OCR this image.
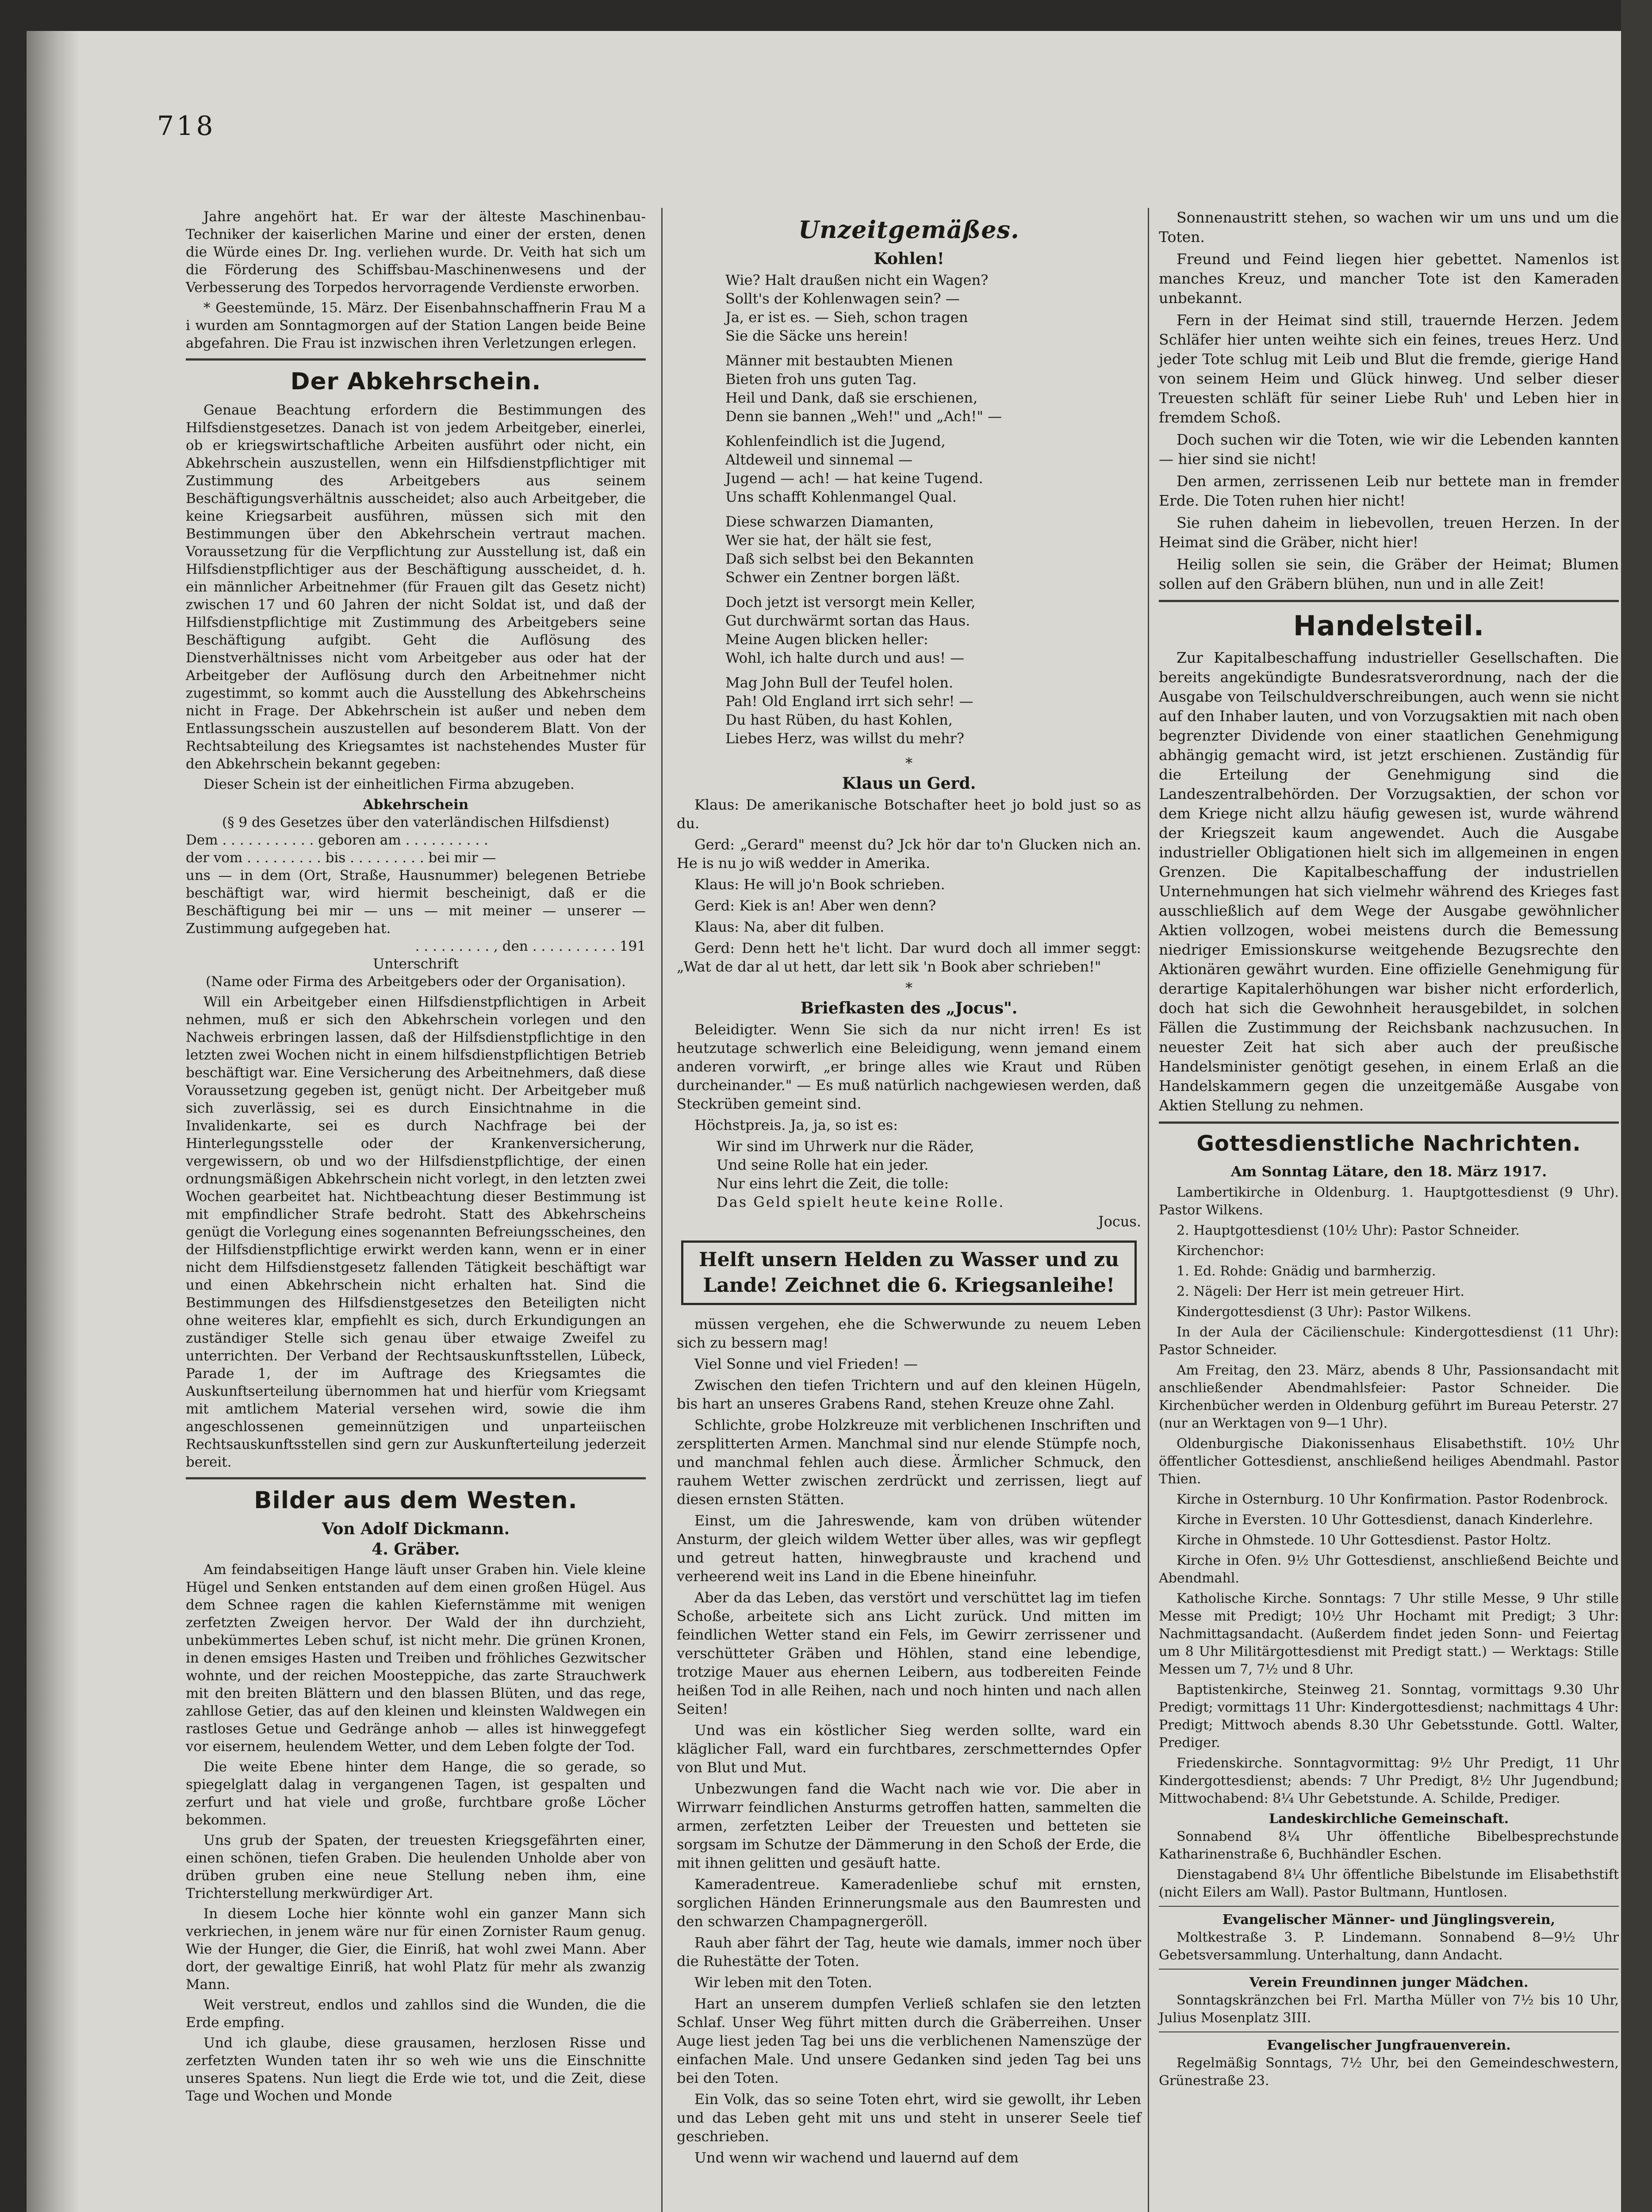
718

Jahre angehört hat. Er war der älteste Maschinenbau-Techniker der kaiserlichen Marine und einer der ersten, denen die Würde eines Dr. Ing. verliehen wurde. Dr. Veith hat sich um die Förderung des Schiffsbau-Maschinenwesens und der Verbesserung des Torpedos hervorragende Verdienste erworben.

* Geestemünde, 15. März. Der Eisenbahnschaffnerin Frau M a i wurden am Sonntagmorgen auf der Station Langen beide Beine abgefahren. Die Frau ist inzwischen ihren Verletzungen erlegen.

Der Abkehrschein.

Genaue Beachtung erfordern die Bestimmungen des Hilfsdienstgesetzes. Danach ist von jedem Arbeitgeber, einerlei, ob er kriegswirtschaftliche Arbeiten ausführt oder nicht, ein Abkehrschein auszustellen, wenn ein Hilfsdienstpflichtiger mit Zustimmung des Arbeitgebers aus seinem Beschäftigungsverhältnis ausscheidet; also auch Arbeitgeber, die keine Kriegsarbeit ausführen, müssen sich mit den Bestimmungen über den Abkehrschein vertraut machen. Voraussetzung für die Verpflichtung zur Ausstellung ist, daß ein Hilfsdienstpflichtiger aus der Beschäftigung ausscheidet, d. h. ein männlicher Arbeitnehmer (für Frauen gilt das Gesetz nicht) zwischen 17 und 60 Jahren der nicht Soldat ist, und daß der Hilfsdienstpflichtige mit Zustimmung des Arbeitgebers seine Beschäftigung aufgibt. Geht die Auflösung des Dienstverhältnisses nicht vom Arbeitgeber aus oder hat der Arbeitgeber der Auflösung durch den Arbeitnehmer nicht zugestimmt, so kommt auch die Ausstellung des Abkehrscheins nicht in Frage. Der Abkehrschein ist außer und neben dem Entlassungsschein auszustellen auf besonderem Blatt. Von der Rechtsabteilung des Kriegsamtes ist nachstehendes Muster für den Abkehrschein bekannt gegeben:

Dieser Schein ist der einheitlichen Firma abzugeben.

Abkehrschein
(§ 9 des Gesetzes über den vaterländischen Hilfsdienst)
Dem . . . . . . . . . . . geboren am . . . . . . . . . .
der vom . . . . . . . . . bis . . . . . . . . . bei mir —
uns — in dem (Ort, Straße, Hausnummer) belegenen Betriebe beschäftigt war, wird hiermit bescheinigt, daß er die Beschäftigung bei mir — uns — mit meiner — unserer — Zustimmung aufgegeben hat.
. . . . . . . . . , den . . . . . . . . . . 191
Unterschrift
(Name oder Firma des Arbeitgebers oder der Organisation).

Will ein Arbeitgeber einen Hilfsdienstpflichtigen in Arbeit nehmen, muß er sich den Abkehrschein vorlegen und den Nachweis erbringen lassen, daß der Hilfsdienstpflichtige in den letzten zwei Wochen nicht in einem hilfsdienstpflichtigen Betrieb beschäftigt war. Eine Versicherung des Arbeitnehmers, daß diese Voraussetzung gegeben ist, genügt nicht. Der Arbeitgeber muß sich zuverlässig, sei es durch Einsichtnahme in die Invalidenkarte, sei es durch Nachfrage bei der Hinterlegungsstelle oder der Krankenversicherung, vergewissern, ob und wo der Hilfsdienstpflichtige, der einen ordnungsmäßigen Abkehrschein nicht vorlegt, in den letzten zwei Wochen gearbeitet hat. Nichtbeachtung dieser Bestimmung ist mit empfindlicher Strafe bedroht. Statt des Abkehrscheins genügt die Vorlegung eines sogenannten Befreiungsscheines, den der Hilfsdienstpflichtige erwirkt werden kann, wenn er in einer nicht dem Hilfsdienstgesetz fallenden Tätigkeit beschäftigt war und einen Abkehrschein nicht erhalten hat. Sind die Bestimmungen des Hilfsdienstgesetzes den Beteiligten nicht ohne weiteres klar, empfiehlt es sich, durch Erkundigungen an zuständiger Stelle sich genau über etwaige Zweifel zu unterrichten. Der Verband der Rechtsauskunftsstellen, Lübeck, Parade 1, der im Auftrage des Kriegsamtes die Auskunftserteilung übernommen hat und hierfür vom Kriegsamt mit amtlichem Material versehen wird, sowie die ihm angeschlossenen gemeinnützigen und unparteiischen Rechtsauskunftsstellen sind gern zur Auskunfterteilung jederzeit bereit.

Bilder aus dem Westen.
Von Adolf Dickmann.
4. Gräber.

Am feindabseitigen Hange läuft unser Graben hin. Viele kleine Hügel und Senken entstanden auf dem einen großen Hügel. Aus dem Schnee ragen die kahlen Kiefernstämme mit wenigen zerfetzten Zweigen hervor. Der Wald der ihn durchzieht, unbekümmertes Leben schuf, ist nicht mehr. Die grünen Kronen, in denen emsiges Hasten und Treiben und fröhliches Gezwitscher wohnte, und der reichen Moosteppiche, das zarte Strauchwerk mit den breiten Blättern und den blassen Blüten, und das rege, zahllose Getier, das auf den kleinen und kleinsten Waldwegen ein rastloses Getue und Gedränge anhob — alles ist hinweggefegt vor eisernem, heulendem Wetter, und dem Leben folgte der Tod.

Die weite Ebene hinter dem Hange, die so gerade, so spiegelglatt dalag in vergangenen Tagen, ist gespalten und zerfurt und hat viele und große, furchtbare große Löcher bekommen.

Uns grub der Spaten, der treuesten Kriegsgefährten einer, einen schönen, tiefen Graben. Die heulenden Unholde aber von drüben gruben eine neue Stellung neben ihm, eine Trichterstellung merkwürdiger Art.

In diesem Loche hier könnte wohl ein ganzer Mann sich verkriechen, in jenem wäre nur für einen Zornister Raum genug. Wie der Hunger, die Gier, die Einriß, hat wohl zwei Mann. Aber dort, der gewaltige Einriß, hat wohl Platz für mehr als zwanzig Mann.

Weit verstreut, endlos und zahllos sind die Wunden, die die Erde empfing.

Und ich glaube, diese grausamen, herzlosen Risse und zerfetzten Wunden taten ihr so weh wie uns die Einschnitte unseres Spatens. Nun liegt die Erde wie tot, und die Zeit, diese Tage und Wochen und Monde

Unzeitgemäßes.
Kohlen!
Wie? Halt draußen nicht ein Wagen?
Sollt's der Kohlenwagen sein? —
Ja, er ist es. — Sieh, schon tragen
Sie die Säcke uns herein!
Männer mit bestaubten Mienen
Bieten froh uns guten Tag.
Heil und Dank, daß sie erschienen,
Denn sie bannen „Weh!" und „Ach!" —
Kohlenfeindlich ist die Jugend,
Altdeweil und sinnemal —
Jugend — ach! — hat keine Tugend.
Uns schafft Kohlenmangel Qual.
Diese schwarzen Diamanten,
Wer sie hat, der hält sie fest,
Daß sich selbst bei den Bekannten
Schwer ein Zentner borgen läßt.
Doch jetzt ist versorgt mein Keller,
Gut durchwärmt sortan das Haus.
Meine Augen blicken heller:
Wohl, ich halte durch und aus! —
Mag John Bull der Teufel holen.
Pah! Old England irrt sich sehr! —
Du hast Rüben, du hast Kohlen,
Liebes Herz, was willst du mehr?
*
Klaus un Gerd.

Klaus: De amerikanische Botschafter heet jo bold just so as du.

Gerd: „Gerard" meenst du? Jck hör dar to'n Glucken nich an. He is nu jo wiß wedder in Amerika.

Klaus: He will jo'n Book schrieben.

Gerd: Kiek is an! Aber wen denn?

Klaus: Na, aber dit fulben.

Gerd: Denn hett he't licht. Dar wurd doch all immer seggt: „Wat de dar al ut hett, dar lett sik 'n Book aber schrieben!"

*
Briefkasten des „Jocus".

Beleidigter. Wenn Sie sich da nur nicht irren! Es ist heutzutage schwerlich eine Beleidigung, wenn jemand einem anderen vorwirft, „er bringe alles wie Kraut und Rüben durcheinander." — Es muß natürlich nachgewiesen werden, daß Steckrüben gemeint sind.

Höchstpreis. Ja, ja, so ist es:

Wir sind im Uhrwerk nur die Räder,
Und seine Rolle hat ein jeder.
Nur eins lehrt die Zeit, die tolle:
Das Geld spielt heute keine Rolle.
Jocus.
Helft unsern Helden zu Wasser und zu Lande! Zeichnet die 6. Kriegsanleihe!

müssen vergehen, ehe die Schwerwunde zu neuem Leben sich zu bessern mag!

Viel Sonne und viel Frieden! —

Zwischen den tiefen Trichtern und auf den kleinen Hügeln, bis hart an unseres Grabens Rand, stehen Kreuze ohne Zahl.

Schlichte, grobe Holzkreuze mit verblichenen Inschriften und zersplitterten Armen. Manchmal sind nur elende Stümpfe noch, und manchmal fehlen auch diese. Ärmlicher Schmuck, den rauhem Wetter zwischen zerdrückt und zerrissen, liegt auf diesen ernsten Stätten.

Einst, um die Jahreswende, kam von drüben wütender Ansturm, der gleich wildem Wetter über alles, was wir gepflegt und getreut hatten, hinwegbrauste und krachend und verheerend weit ins Land in die Ebene hineinfuhr.

Aber da das Leben, das verstört und verschüttet lag im tiefen Schoße, arbeitete sich ans Licht zurück. Und mitten im feindlichen Wetter stand ein Fels, im Gewirr zerrissener und verschütteter Gräben und Höhlen, stand eine lebendige, trotzige Mauer aus ehernen Leibern, aus todbereiten Feinde heißen Tod in alle Reihen, nach und noch hinten und nach allen Seiten!

Und was ein köstlicher Sieg werden sollte, ward ein kläglicher Fall, ward ein furchtbares, zerschmetterndes Opfer von Blut und Mut.

Unbezwungen fand die Wacht nach wie vor. Die aber in Wirrwarr feindlichen Ansturms getroffen hatten, sammelten die armen, zerfetzten Leiber der Treuesten und betteten sie sorgsam im Schutze der Dämmerung in den Schoß der Erde, die mit ihnen gelitten und gesäuft hatte.

Kameradentreue. Kameradenliebe schuf mit ernsten, sorglichen Händen Erinnerungsmale aus den Baumresten und den schwarzen Champagnergeröll.

Rauh aber fährt der Tag, heute wie damals, immer noch über die Ruhestätte der Toten.

Wir leben mit den Toten.

Hart an unserem dumpfen Verließ schlafen sie den letzten Schlaf. Unser Weg führt mitten durch die Gräberreihen. Unser Auge liest jeden Tag bei uns die verblichenen Namenszüge der einfachen Male. Und unsere Gedanken sind jeden Tag bei uns bei den Toten.

Ein Volk, das so seine Toten ehrt, wird sie gewollt, ihr Leben und das Leben geht mit uns und steht in unserer Seele tief geschrieben.

Und wenn wir wachend und lauernd auf dem

Sonnenaustritt stehen, so wachen wir um uns und um die Toten.

Freund und Feind liegen hier gebettet. Namenlos ist manches Kreuz, und mancher Tote ist den Kameraden unbekannt.

Fern in der Heimat sind still, trauernde Herzen. Jedem Schläfer hier unten weihte sich ein feines, treues Herz. Und jeder Tote schlug mit Leib und Blut die fremde, gierige Hand von seinem Heim und Glück hinweg. Und selber dieser Treuesten schläft für seiner Liebe Ruh' und Leben hier in fremdem Schoß.

Doch suchen wir die Toten, wie wir die Lebenden kannten — hier sind sie nicht!

Den armen, zerrissenen Leib nur bettete man in fremder Erde. Die Toten ruhen hier nicht!

Sie ruhen daheim in liebevollen, treuen Herzen. In der Heimat sind die Gräber, nicht hier!

Heilig sollen sie sein, die Gräber der Heimat; Blumen sollen auf den Gräbern blühen, nun und in alle Zeit!

Handelsteil.

Zur Kapitalbeschaffung industrieller Gesellschaften. Die bereits angekündigte Bundesratsverordnung, nach der die Ausgabe von Teilschuldverschreibungen, auch wenn sie nicht auf den Inhaber lauten, und von Vorzugsaktien mit nach oben begrenzter Dividende von einer staatlichen Genehmigung abhängig gemacht wird, ist jetzt erschienen. Zuständig für die Erteilung der Genehmigung sind die Landeszentralbehörden. Der Vorzugsaktien, der schon vor dem Kriege nicht allzu häufig gewesen ist, wurde während der Kriegszeit kaum angewendet. Auch die Ausgabe industrieller Obligationen hielt sich im allgemeinen in engen Grenzen. Die Kapitalbeschaffung der industriellen Unternehmungen hat sich vielmehr während des Krieges fast ausschließlich auf dem Wege der Ausgabe gewöhnlicher Aktien vollzogen, wobei meistens durch die Bemessung niedriger Emissionskurse weitgehende Bezugsrechte den Aktionären gewährt wurden. Eine offizielle Genehmigung für derartige Kapitalerhöhungen war bisher nicht erforderlich, doch hat sich die Gewohnheit herausgebildet, in solchen Fällen die Zustimmung der Reichsbank nachzusuchen. In neuester Zeit hat sich aber auch der preußische Handelsminister genötigt gesehen, in einem Erlaß an die Handelskammern gegen die unzeitgemäße Ausgabe von Aktien Stellung zu nehmen.

Gottesdienstliche Nachrichten.
Am Sonntag Lätare, den 18. März 1917.

Lambertikirche in Oldenburg. 1. Hauptgottesdienst (9 Uhr). Pastor Wilkens.

2. Hauptgottesdienst (10½ Uhr): Pastor Schneider.

Kirchenchor:

1. Ed. Rohde: Gnädig und barmherzig.

2. Nägeli: Der Herr ist mein getreuer Hirt.

Kindergottesdienst (3 Uhr): Pastor Wilkens.

In der Aula der Cäcilienschule: Kindergottesdienst (11 Uhr): Pastor Schneider.

Am Freitag, den 23. März, abends 8 Uhr, Passionsandacht mit anschließender Abendmahlsfeier: Pastor Schneider. Die Kirchenbücher werden in Oldenburg geführt im Bureau Peterstr. 27 (nur an Werktagen von 9—1 Uhr).

Oldenburgische Diakonissenhaus Elisabethstift. 10½ Uhr öffentlicher Gottesdienst, anschließend heiliges Abendmahl. Pastor Thien.

Kirche in Osternburg. 10 Uhr Konfirmation. Pastor Rodenbrock.

Kirche in Eversten. 10 Uhr Gottesdienst, danach Kinderlehre.

Kirche in Ohmstede. 10 Uhr Gottesdienst. Pastor Holtz.

Kirche in Ofen. 9½ Uhr Gottesdienst, anschließend Beichte und Abendmahl.

Katholische Kirche. Sonntags: 7 Uhr stille Messe, 9 Uhr stille Messe mit Predigt; 10½ Uhr Hochamt mit Predigt; 3 Uhr: Nachmittagsandacht. (Außerdem findet jeden Sonn- und Feiertag um 8 Uhr Militärgottesdienst mit Predigt statt.) — Werktags: Stille Messen um 7, 7½ und 8 Uhr.

Baptistenkirche, Steinweg 21. Sonntag, vormittags 9.30 Uhr Predigt; vormittags 11 Uhr: Kindergottesdienst; nachmittags 4 Uhr: Predigt; Mittwoch abends 8.30 Uhr Gebetsstunde. Gottl. Walter, Prediger.

Friedenskirche. Sonntagvormittag: 9½ Uhr Predigt, 11 Uhr Kindergottesdienst; abends: 7 Uhr Predigt, 8½ Uhr Jugendbund; Mittwochabend: 8¼ Uhr Gebetstunde. A. Schilde, Prediger.

Landeskirchliche Gemeinschaft.

Sonnabend 8¼ Uhr öffentliche Bibelbesprechstunde Katharinenstraße 6, Buchhändler Eschen.

Dienstagabend 8¼ Uhr öffentliche Bibelstunde im Elisabethstift (nicht Eilers am Wall). Pastor Bultmann, Huntlosen.

Evangelischer Männer- und Jünglingsverein,

Moltkestraße 3. P. Lindemann. Sonnabend 8—9½ Uhr Gebetsversammlung. Unterhaltung, dann Andacht.

Verein Freundinnen junger Mädchen.

Sonntagskränzchen bei Frl. Martha Müller von 7½ bis 10 Uhr, Julius Mosenplatz 3III.

Evangelischer Jungfrauenverein.

Regelmäßig Sonntags, 7½ Uhr, bei den Gemeindeschwestern, Grünestraße 23.
